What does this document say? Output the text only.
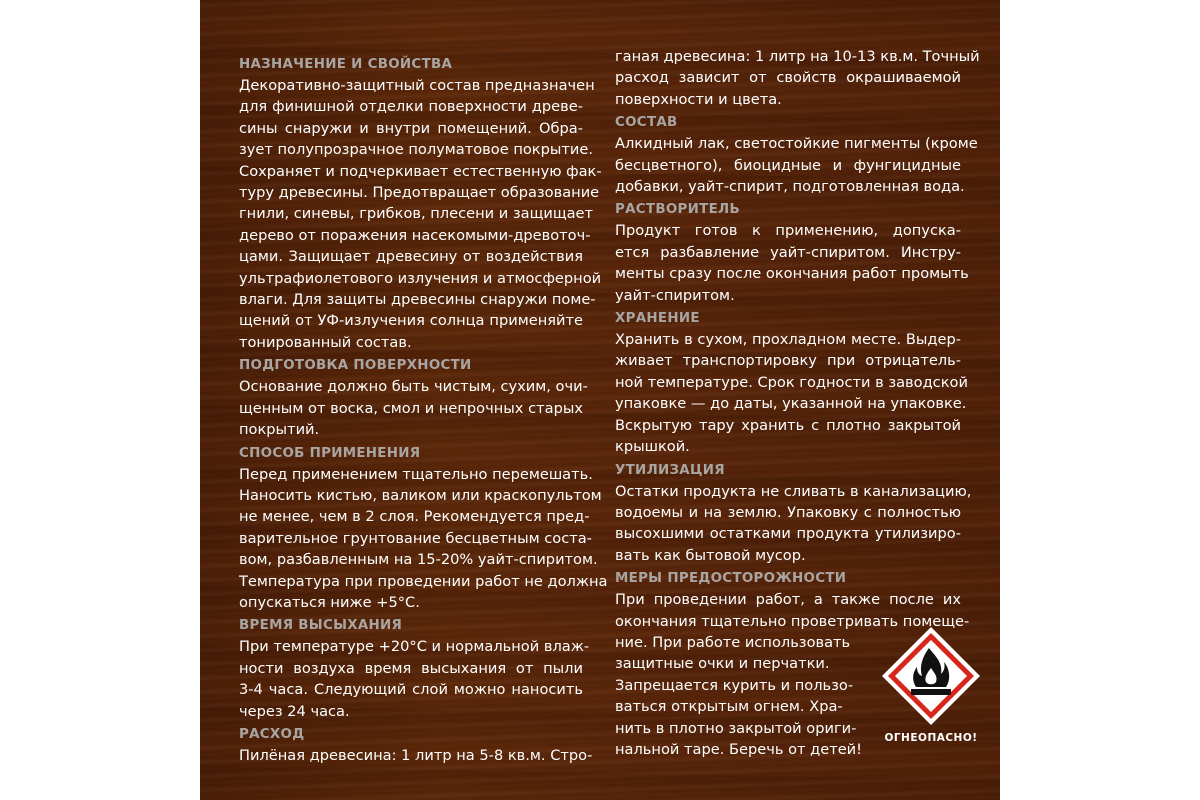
НАЗНАЧЕНИЕ И СВОЙСТВА
Декоративно-защитный состав предназначен
для финишной отделки поверхности древе-
сины снаружи и внутри помещений. Обра-
зует полупрозрачное полуматовое покрытие.
Сохраняет и подчеркивает естественную фак-
туру древесины. Предотвращает образование
гнили, синевы, грибков, плесени и защищает
дерево от поражения насекомыми-древоточ-
цами. Защищает древесину от воздействия
ультрафиолетового излучения и атмосферной
влаги. Для защиты древесины снаружи поме-
щений от УФ-излучения солнца применяйте
тонированный состав.
ПОДГОТОВКА ПОВЕРХНОСТИ
Основание должно быть чистым, сухим, очи-
щенным от воска, смол и непрочных старых
покрытий.
СПОСОБ ПРИМЕНЕНИЯ
Перед применением тщательно перемешать.
Наносить кистью, валиком или краскопультом
не менее, чем в 2 слоя. Рекомендуется пред-
варительное грунтование бесцветным соста-
вом, разбавленным на 15-20% уайт-спиритом.
Температура при проведении работ не должна
опускаться ниже +5°С.
ВРЕМЯ ВЫСЫХАНИЯ
При температуре +20°С и нормальной влаж-
ности воздуха время высыхания от пыли
3-4 часа. Следующий слой можно наносить
через 24 часа.
РАСХОД
Пилёная древесина: 1 литр на 5-8 кв.м. Стро-
ганая древесина: 1 литр на 10-13 кв.м. Точный
расход зависит от свойств окрашиваемой
поверхности и цвета.
СОСТАВ
Алкидный лак, светостойкие пигменты (кроме
бесцветного), биоцидные и фунгицидные
добавки, уайт-спирит, подготовленная вода.
РАСТВОРИТЕЛЬ
Продукт готов к применению, допуска-
ется разбавление уайт-спиритом. Инстру-
менты сразу после окончания работ промыть
уайт-спиритом.
ХРАНЕНИЕ
Хранить в сухом, прохладном месте. Выдер-
живает транспортировку при отрицатель-
ной температуре. Срок годности в заводской
упаковке — до даты, указанной на упаковке.
Вскрытую тару хранить с плотно закрытой
крышкой.
УТИЛИЗАЦИЯ
Остатки продукта не сливать в канализацию,
водоемы и на землю. Упаковку с полностью
высохшими остатками продукта утилизиро-
вать как бытовой мусор.
МЕРЫ ПРЕДОСТОРОЖНОСТИ
При проведении работ, а также после их
окончания тщательно проветривать помеще-
ние. При работе использовать
защитные очки и перчатки.
Запрещается курить и пользо-
ваться открытым огнем. Хра-
нить в плотно закрытой ориги-
нальной таре. Беречь от детей!
ОГНЕОПАСНО!
